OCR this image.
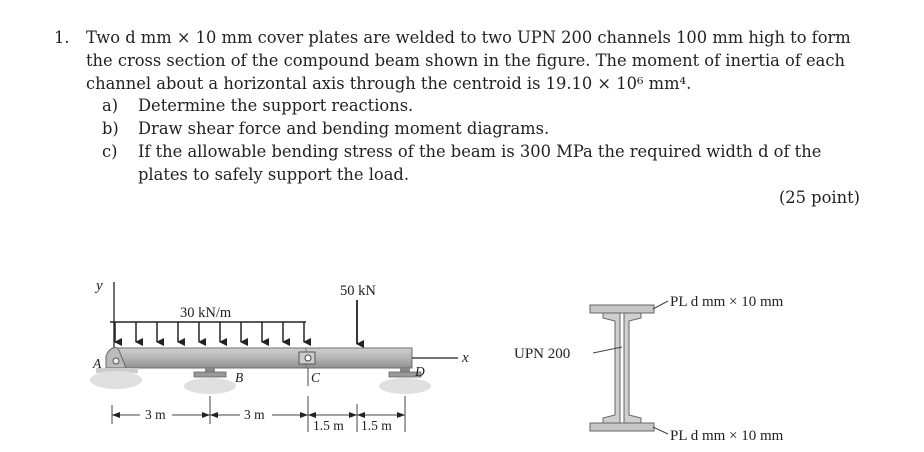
1. Two d mm × 10 mm cover plates are welded to two UPN 200 channels 100 mm high to form
the cross section of the compound beam shown in the figure. The moment of inertia of each
channel about a horizontal axis through the centroid is 19.10 × 10⁶ mm⁴.
a) Determine the support reactions.
b) Draw shear force and bending moment diagrams.
c) If the allowable bending stress of the beam is 300 MPa the required width d of the
plates to safely support the load.
(25 point)
y
30 kN/m
50 kN
x
A
B	C	D
3 m	3 m
1.5 m 1.5 m
PL d mm × 10 mm
UPN 200
PL d mm × 10 mm
